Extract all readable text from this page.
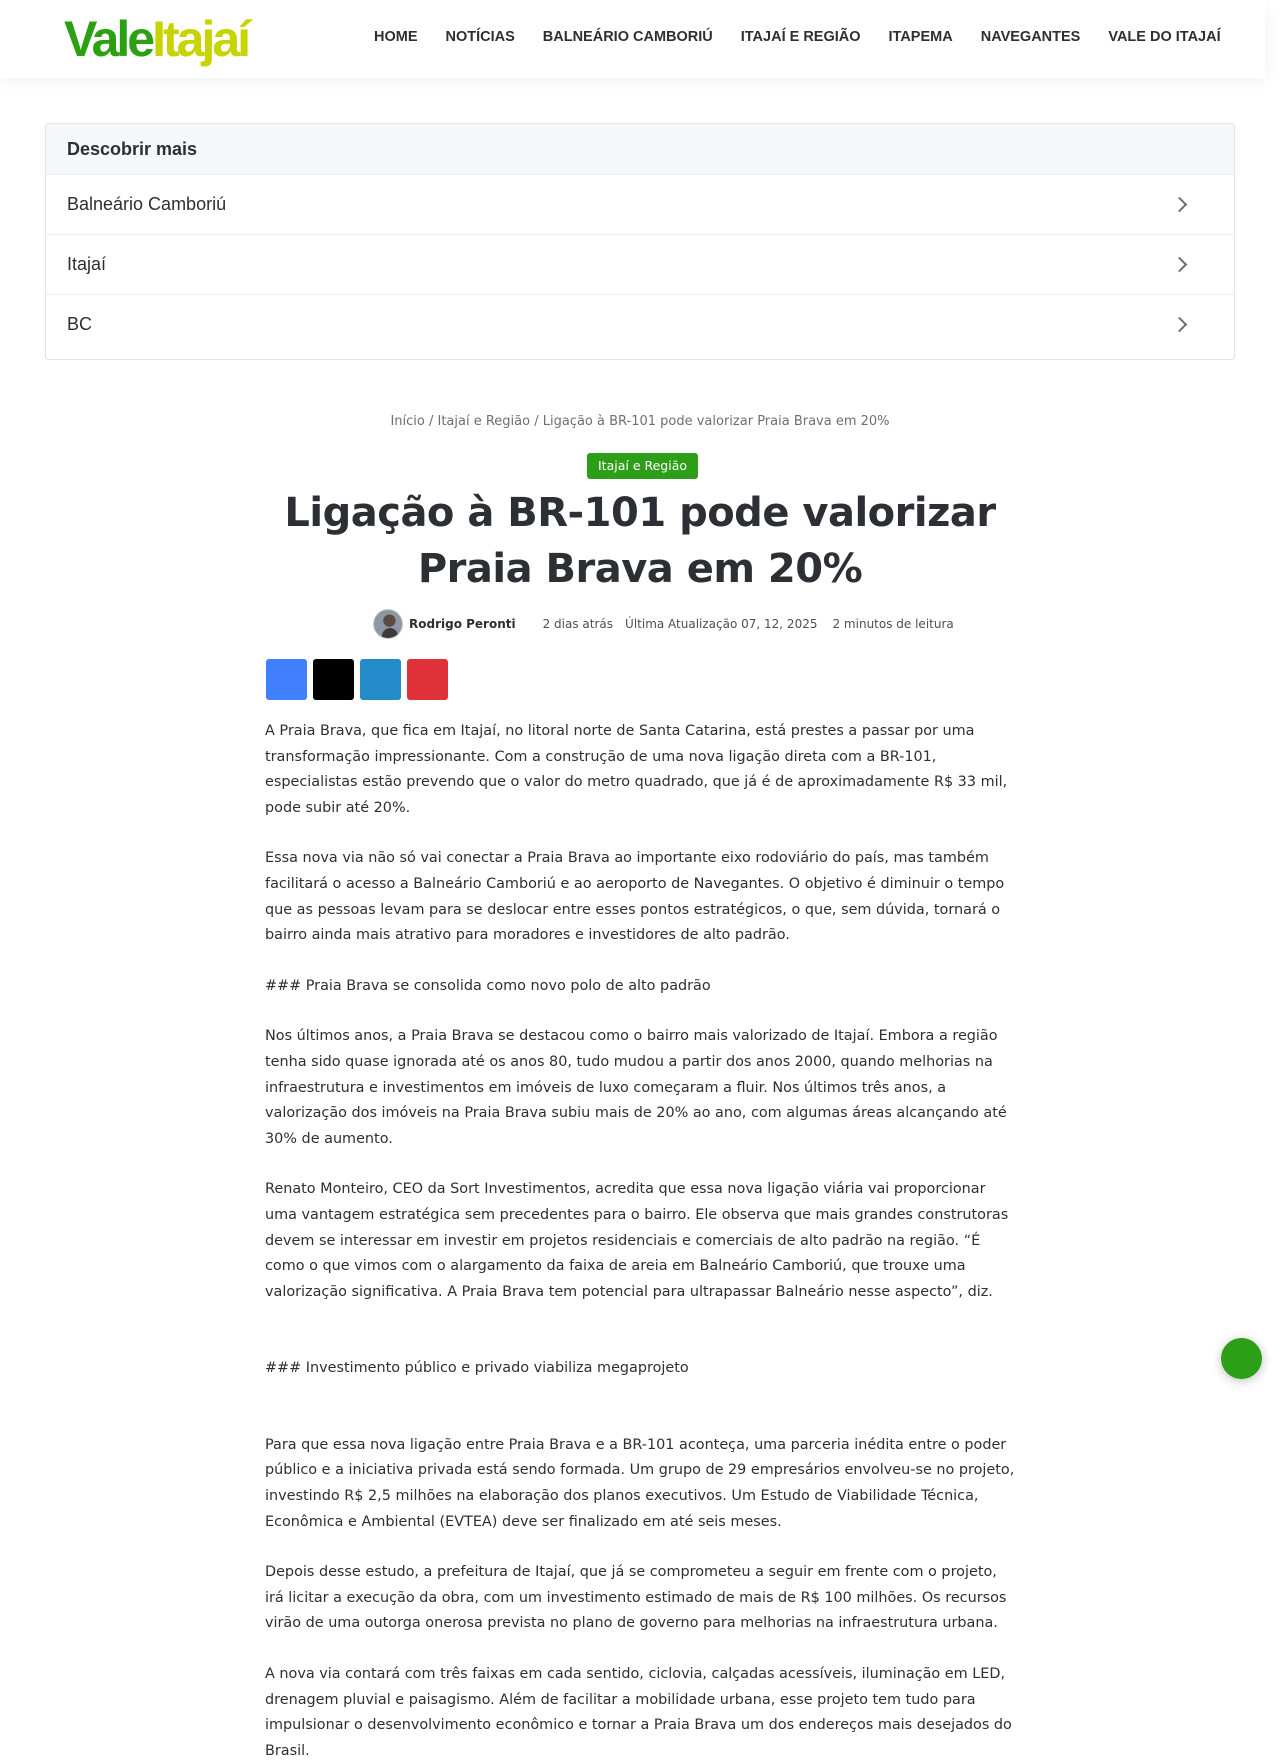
ValeItajaí	HOME NOTÍCIAS BALNEÁRIO CAMBORIÚ ITAJAÍ E REGIÃO ITAPEMA NAVEGANTES VALE DO ITAJAÍ
Descobrir mais
Balneário Camboriú
Itajaí
BC
Início / Itajaí e Região / Ligação à BR-101 pode valorizar Praia Brava em 20%
Itajaí e Região
Ligação à BR-101 pode valorizar Praia Brava em 20%
Rodrigo Peronti 2 dias atrás Última Atualização 07, 12, 2025 2 minutos de leitura

A Praia Brava, que fica em Itajaí, no litoral norte de Santa Catarina, está prestes a passar por uma transformação impressionante. Com a construção de uma nova ligação direta com a BR-101, especialistas estão prevendo que o valor do metro quadrado, que já é de aproximadamente R$ 33 mil, pode subir até 20%.

Essa nova via não só vai conectar a Praia Brava ao importante eixo rodoviário do país, mas também facilitará o acesso a Balneário Camboriú e ao aeroporto de Navegantes. O objetivo é diminuir o tempo que as pessoas levam para se deslocar entre esses pontos estratégicos, o que, sem dúvida, tornará o bairro ainda mais atrativo para moradores e investidores de alto padrão.

### Praia Brava se consolida como novo polo de alto padrão

Nos últimos anos, a Praia Brava se destacou como o bairro mais valorizado de Itajaí. Embora a região tenha sido quase ignorada até os anos 80, tudo mudou a partir dos anos 2000, quando melhorias na infraestrutura e investimentos em imóveis de luxo começaram a fluir. Nos últimos três anos, a valorização dos imóveis na Praia Brava subiu mais de 20% ao ano, com algumas áreas alcançando até 30% de aumento.

Renato Monteiro, CEO da Sort Investimentos, acredita que essa nova ligação viária vai proporcionar uma vantagem estratégica sem precedentes para o bairro. Ele observa que mais grandes construtoras devem se interessar em investir em projetos residenciais e comerciais de alto padrão na região. “É como o que vimos com o alargamento da faixa de areia em Balneário Camboriú, que trouxe uma valorização significativa. A Praia Brava tem potencial para ultrapassar Balneário nesse aspecto”, diz.

### Investimento público e privado viabiliza megaprojeto

Para que essa nova ligação entre Praia Brava e a BR-101 aconteça, uma parceria inédita entre o poder público e a iniciativa privada está sendo formada. Um grupo de 29 empresários envolveu-se no projeto, investindo R$ 2,5 milhões na elaboração dos planos executivos. Um Estudo de Viabilidade Técnica, Econômica e Ambiental (EVTEA) deve ser finalizado em até seis meses.

Depois desse estudo, a prefeitura de Itajaí, que já se comprometeu a seguir em frente com o projeto, irá licitar a execução da obra, com um investimento estimado de mais de R$ 100 milhões. Os recursos virão de uma outorga onerosa prevista no plano de governo para melhorias na infraestrutura urbana.

A nova via contará com três faixas em cada sentido, ciclovia, calçadas acessíveis, iluminação em LED, drenagem pluvial e paisagismo. Além de facilitar a mobilidade urbana, esse projeto tem tudo para impulsionar o desenvolvimento econômico e tornar a Praia Brava um dos endereços mais desejados do Brasil.
